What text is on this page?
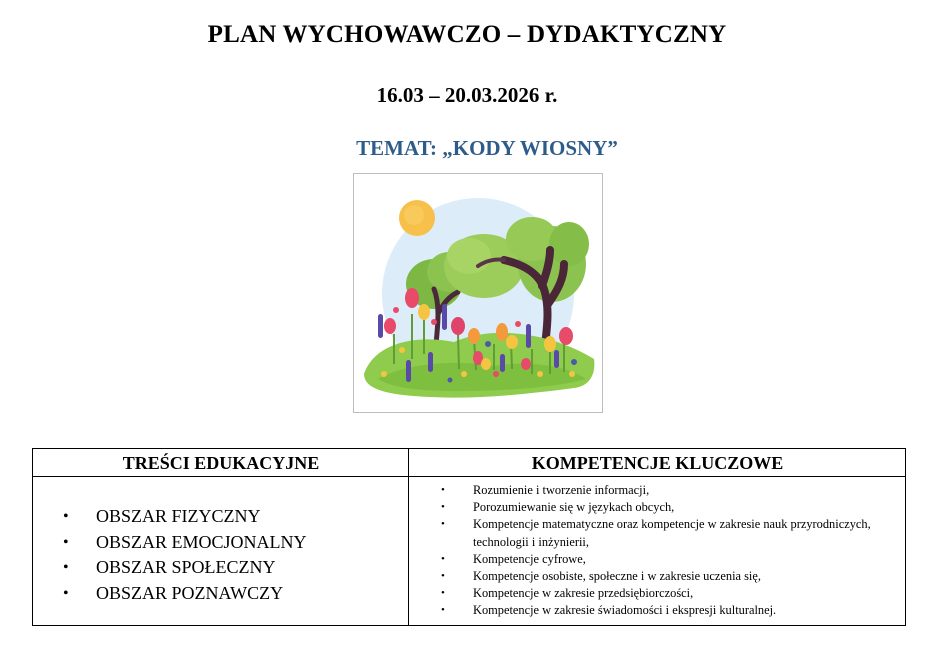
PLAN WYCHOWAWCZO – DYDAKTYCZNY
16.03 – 20.03.2026 r.
TEMAT: „KODY WIOSNY”
TREŚCI EDUKACYJNE	KOMPETENCJE KLUCZOWE
• OBSZAR FIZYCZNY
• OBSZAR EMOCJONALNY
• OBSZAR SPOŁECZNY
• OBSZAR POZNAWCZY
• Rozumienie i tworzenie informacji,
• Porozumiewanie się w językach obcych,
• Kompetencje matematyczne oraz kompetencje w zakresie nauk przyrodniczych, technologii i inżynierii,
• Kompetencje cyfrowe,
• Kompetencje osobiste, społeczne i w zakresie uczenia się,
• Kompetencje w zakresie przedsiębiorczości,
• Kompetencje w zakresie świadomości i ekspresji kulturalnej.
